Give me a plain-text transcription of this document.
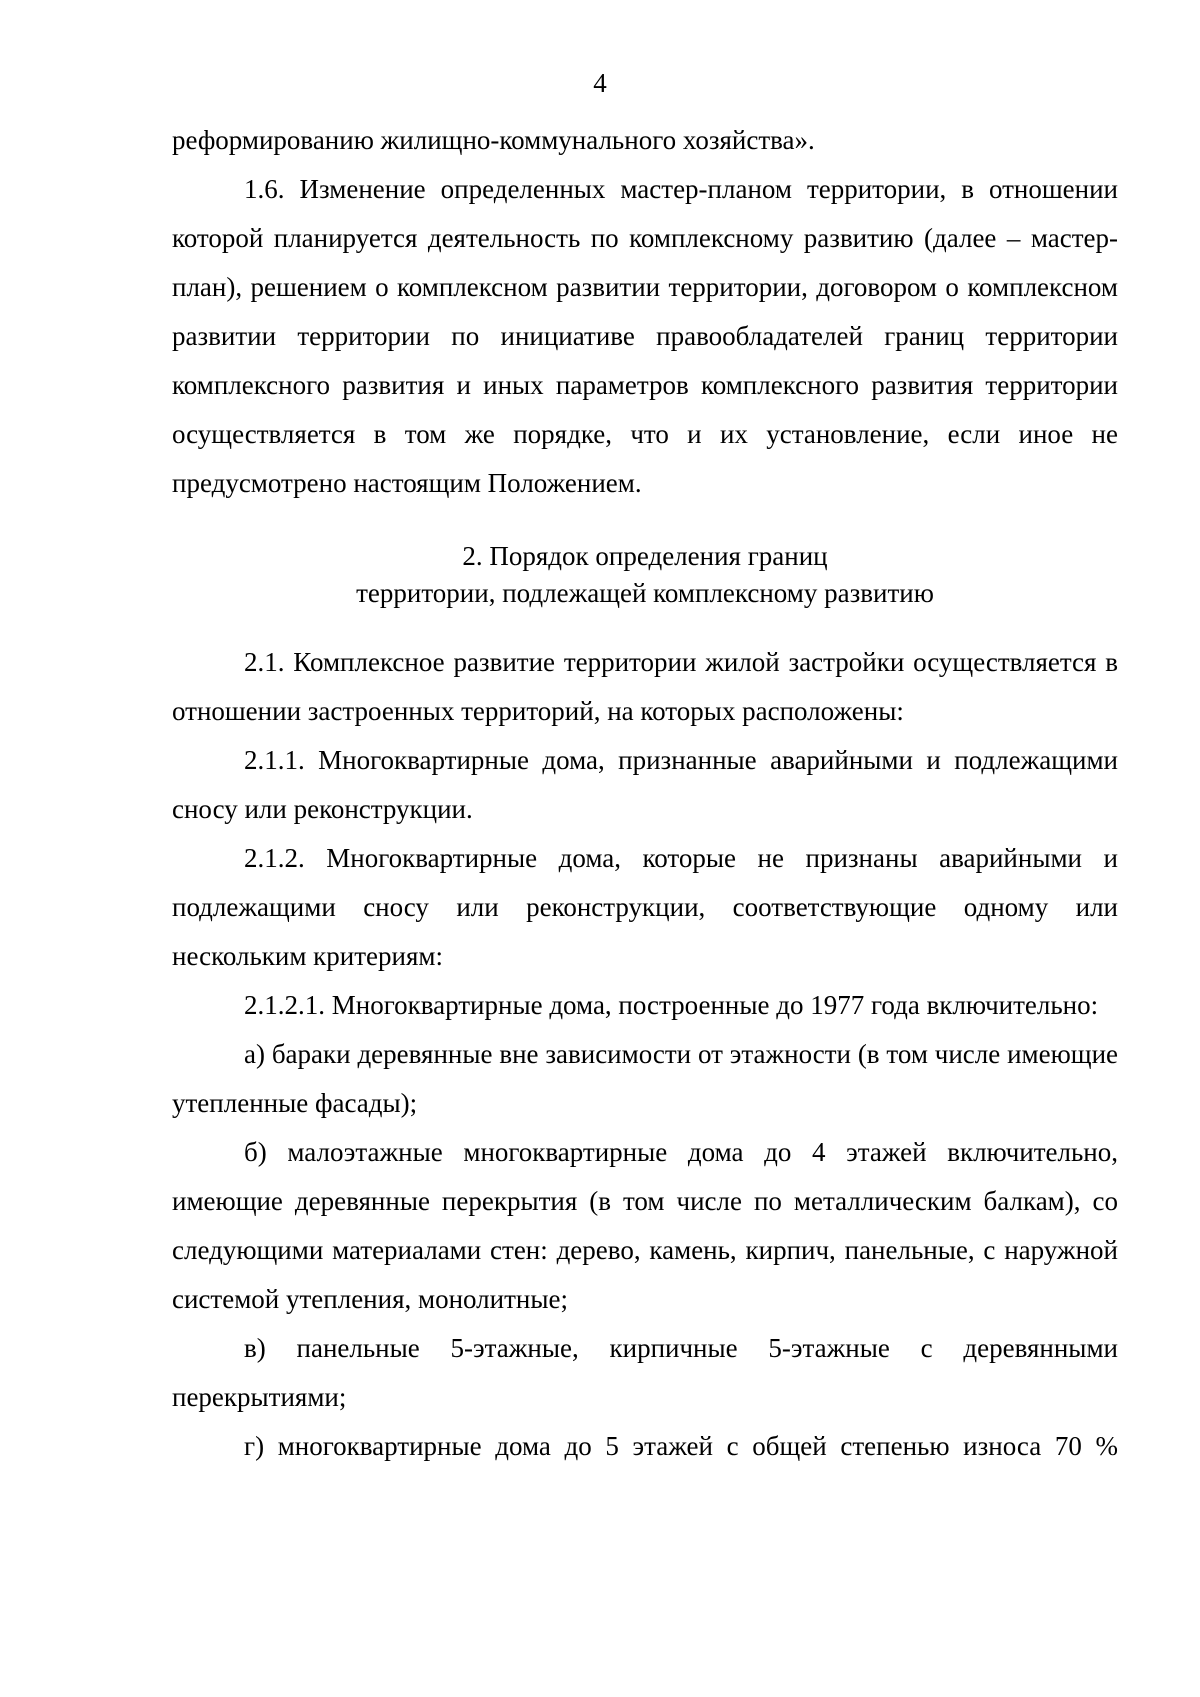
4

реформированию жилищно-коммунального хозяйства».

1.6. Изменение определенных мастер-планом территории, в отношении которой планируется деятельность по комплексному развитию (далее – мастер-план), решением о комплексном развитии территории, договором о комплексном развитии территории по инициативе правообладателей границ территории комплексного развития и иных параметров комплексного развития территории осуществляется в том же порядке, что и их установление, если иное не предусмотрено настоящим Положением.

2. Порядок определения границ

территории, подлежащей комплексному развитию

2.1. Комплексное развитие территории жилой застройки осуществляется в отношении застроенных территорий, на которых расположены:

2.1.1. Многоквартирные дома, признанные аварийными и подлежащими сносу или реконструкции.

2.1.2. Многоквартирные дома, которые не признаны аварийными и подлежащими сносу или реконструкции, соответствующие одному или нескольким критериям:

2.1.2.1. Многоквартирные дома, построенные до 1977 года включительно:

а) бараки деревянные вне зависимости от этажности (в том числе имеющие утепленные фасады);

б) малоэтажные многоквартирные дома до 4 этажей включительно, имеющие деревянные перекрытия (в том числе по металлическим балкам), со следующими материалами стен: дерево, камень, кирпич, панельные, с наружной системой утепления, монолитные;

в) панельные 5-этажные, кирпичные 5-этажные с деревянными перекрытиями;

г) многоквартирные дома до 5 этажей с общей степенью износа 70 %
